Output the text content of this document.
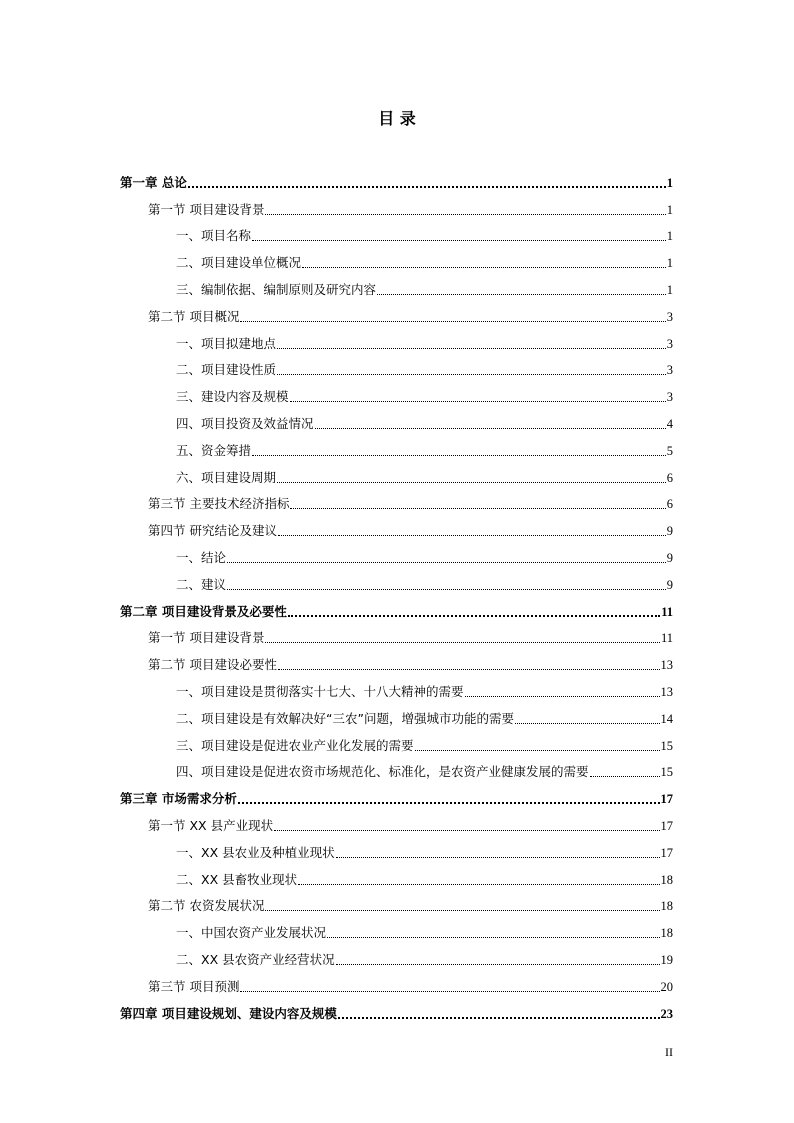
目 录
第一章 总论	1
第一节 项目建设背景	1
一、项目名称	1
二、项目建设单位概况	1
三、编制依据、编制原则及研究内容	1
第二节 项目概况	3
一、项目拟建地点	3
二、项目建设性质	3
三、建设内容及规模	3
四、项目投资及效益情况	4
五、资金筹措	5
六、项目建设周期	6
第三节 主要技术经济指标	6
第四节 研究结论及建议	9
一、结论	9
二、建议	9
第二章 项目建设背景及必要性	11
第一节 项目建设背景	11
第二节 项目建设必要性	13
一、项目建设是贯彻落实十七大、十八大精神的需要	13
二、项目建设是有效解决好“三农”问题，增强城市功能的需要	14
三、项目建设是促进农业产业化发展的需要	15
四、项目建设是促进农资市场规范化、标准化，是农资产业健康发展的需要	15
第三章 市场需求分析	17
第一节 XX 县产业现状	17
一、XX 县农业及种植业现状	17
二、XX 县畜牧业现状	18
第二节 农资发展状况	18
一、中国农资产业发展状况	18
二、XX 县农资产业经营状况	19
第三节 项目预测	20
第四章 项目建设规划、建设内容及规模	23
II
